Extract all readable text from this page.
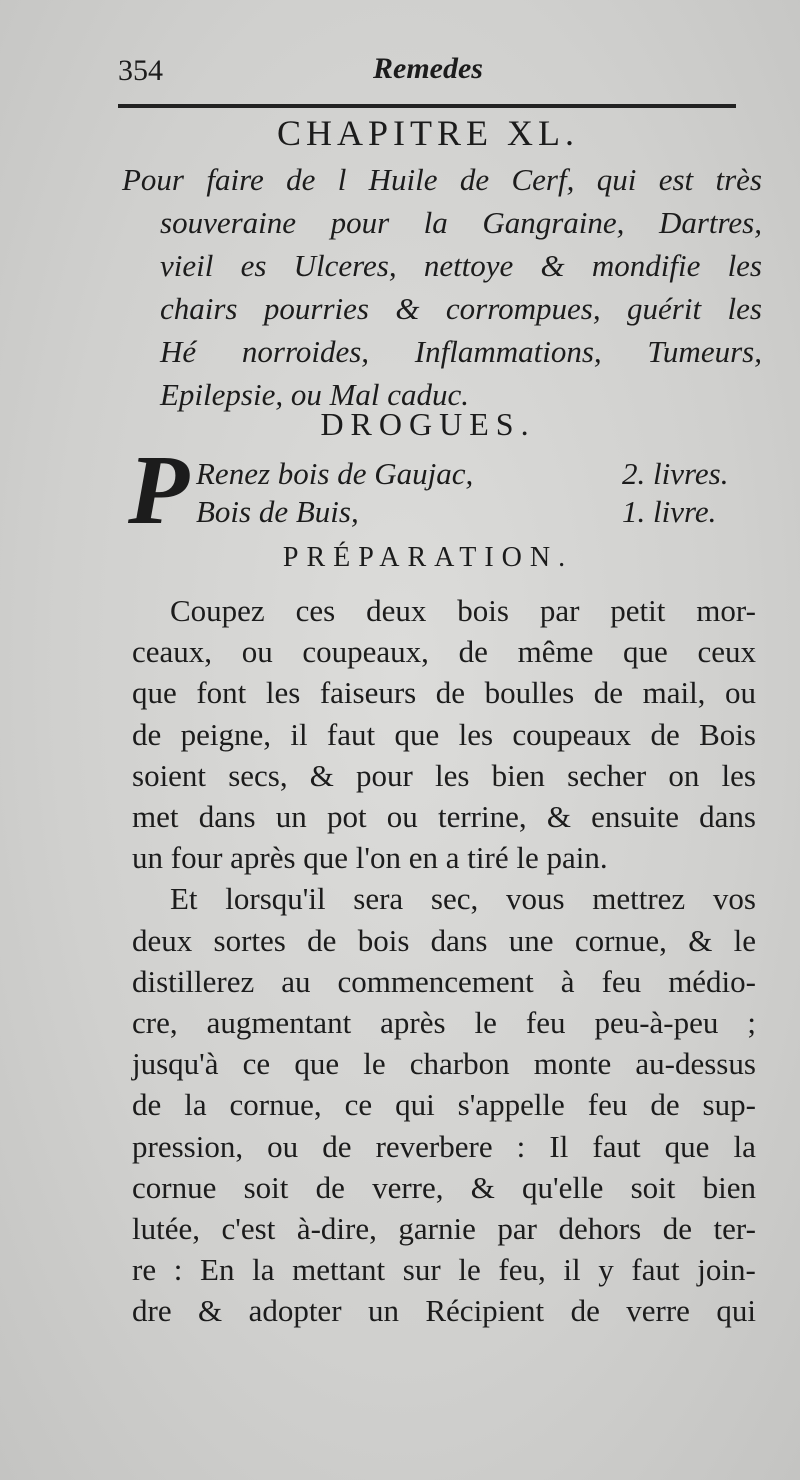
354	Remedes
CHAPITRE XL.
Pour faire de l Huile de Cerf, qui est très
souveraine pour la Gangraine, Dartres,
vieil es Ulceres, nettoye & mondifie les
chairs pourries & corrompues, guérit les
Hé norroides, Inflammations, Tumeurs,
Epilepsie, ou Mal caduc.
DROGUES.
P Renez bois de Gaujac,	2. livres.
Bois de Buis,	1. livre.
PRÉPARATION.
Coupez ces deux bois par petit mor-
ceaux, ou coupeaux, de même que ceux
que font les faiseurs de boulles de mail, ou
de peigne, il faut que les coupeaux de Bois
soient secs, & pour les bien secher on les
met dans un pot ou terrine, & ensuite dans
un four après que l'on en a tiré le pain.
Et lorsqu'il sera sec, vous mettrez vos
deux sortes de bois dans une cornue, & le
distillerez au commencement à feu médio-
cre, augmentant après le feu peu-à-peu ;
jusqu'à ce que le charbon monte au-dessus
de la cornue, ce qui s'appelle feu de sup-
pression, ou de reverbere : Il faut que la
cornue soit de verre, & qu'elle soit bien
lutée, c'est à-dire, garnie par dehors de ter-
re : En la mettant sur le feu, il y faut join-
dre & adopter un Récipient de verre qui
